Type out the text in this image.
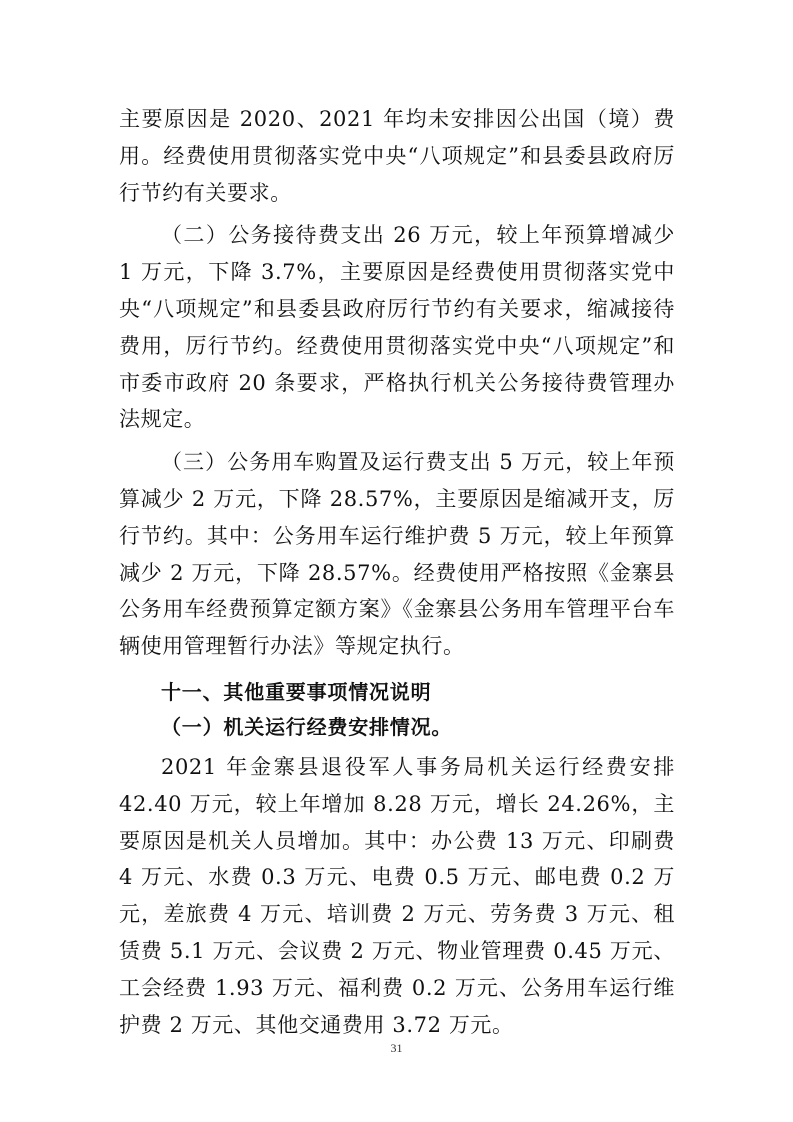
主要原因是 2020、2021 年均未安排因公出国（境）费用。经费使用贯彻落实党中央“八项规定”和县委县政府厉行节约有关要求。

（二）公务接待费支出 26 万元，较上年预算增减少 1 万元，下降 3.7%，主要原因是经费使用贯彻落实党中央“八项规定”和县委县政府厉行节约有关要求，缩减接待费用，厉行节约。经费使用贯彻落实党中央“八项规定”和市委市政府 20 条要求，严格执行机关公务接待费管理办法规定。

（三）公务用车购置及运行费支出 5 万元，较上年预算减少 2 万元，下降 28.57%，主要原因是缩减开支，厉行节约。其中：公务用车运行维护费 5 万元，较上年预算减少 2 万元，下降 28.57%。经费使用严格按照《金寨县公务用车经费预算定额方案》《金寨县公务用车管理平台车辆使用管理暂行办法》等规定执行。

十一、其他重要事项情况说明

（一）机关运行经费安排情况。

2021 年金寨县退役军人事务局机关运行经费安排 42.40 万元，较上年增加 8.28 万元，增长 24.26%，主要原因是机关人员增加。其中：办公费 13 万元、印刷费 4 万元、水费 0.3 万元、电费 0.5 万元、邮电费 0.2 万元，差旅费 4 万元、培训费 2 万元、劳务费 3 万元、租赁费 5.1 万元、会议费 2 万元、物业管理费 0.45 万元、工会经费 1.93 万元、福利费 0.2 万元、公务用车运行维护费 2 万元、其他交通费用 3.72 万元。

31
